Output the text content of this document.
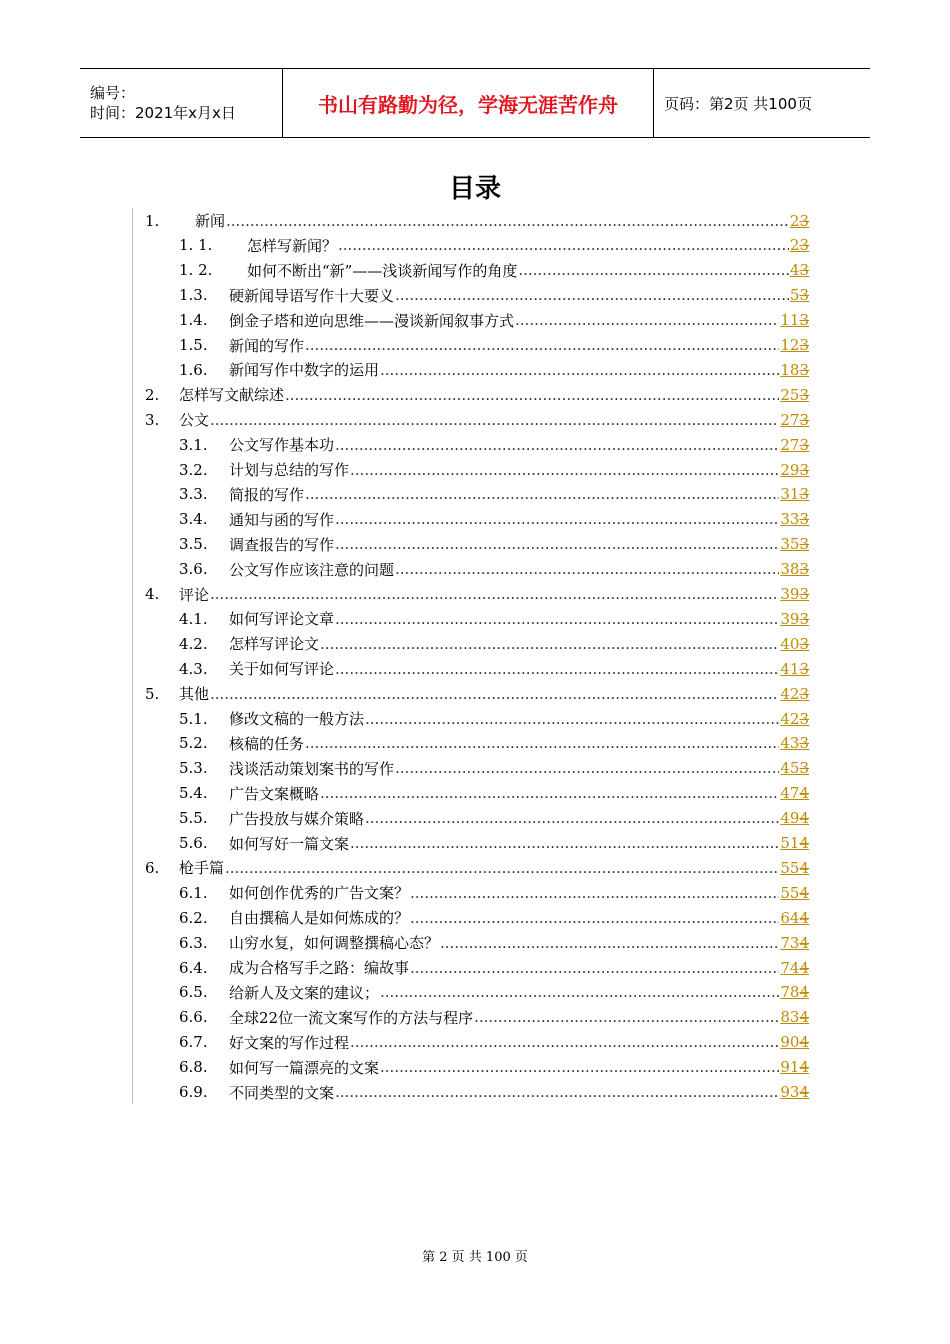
编号：
时间：2021年x月x日	书山有路勤为径，学海无涯苦作舟	页码：第2页 共100页
目录
1.	新闻 .....	23
1. 1.	怎样写新闻？ .....	23
1. 2.	如何不断出“新”——浅谈新闻写作的角度 .....	43
1.3.	硬新闻导语写作十大要义 .....	53
1.4.	倒金子塔和逆向思维——漫谈新闻叙事方式 .....	113
1.5.	新闻的写作 .....	123
1.6.	新闻写作中数字的运用 .....	183
2.	怎样写文献综述 .....	253
3.	公文 .....	273
3.1.	公文写作基本功 .....	273
3.2.	计划与总结的写作 .....	293
3.3.	简报的写作 .....	313
3.4.	通知与函的写作 .....	333
3.5.	调查报告的写作 .....	353
3.6.	公文写作应该注意的问题 .....	383
4.	评论 .....	393
4.1.	如何写评论文章 .....	393
4.2.	怎样写评论文 .....	403
4.3.	关于如何写评论 .....	413
5.	其他 .....	423
5.1.	修改文稿的一般方法 .....	423
5.2.	核稿的任务 .....	433
5.3.	浅谈活动策划案书的写作 .....	453
5.4.	广告文案概略 .....	474
5.5.	广告投放与媒介策略 .....	494
5.6.	如何写好一篇文案 .....	514
6.	枪手篇 .....	554
6.1.	如何创作优秀的广告文案？ .....	554
6.2.	自由撰稿人是如何炼成的？ .....	644
6.3.	山穷水复，如何调整撰稿心态？ .....	734
6.4.	成为合格写手之路：编故事 .....	744
6.5.	给新人及文案的建议； .....	784
6.6.	全球22位一流文案写作的方法与程序 .....	834
6.7.	好文案的写作过程 .....	904
6.8.	如何写一篇漂亮的文案 .....	914
6.9.	不同类型的文案 .....	934
第 2 页 共 100 页
